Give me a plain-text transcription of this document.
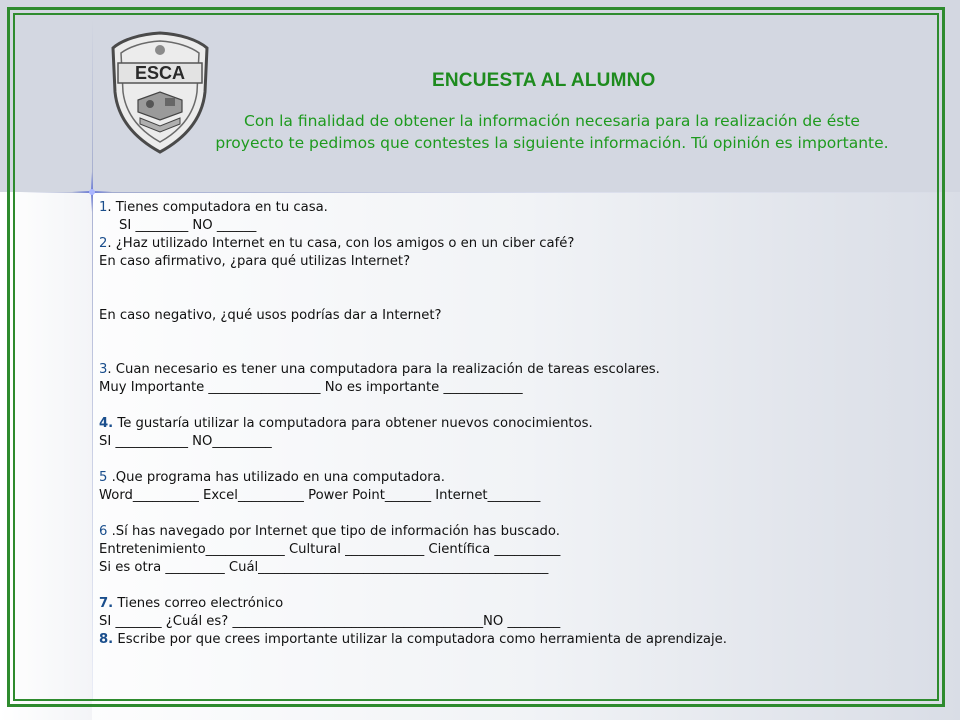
ESCA	ENCUESTA AL ALUMNO
Con la finalidad de obtener la información necesaria para la realización de éste
proyecto te pedimos que contestes la siguiente información. Tú opinión es importante.
1. Tienes computadora en tu casa.
SI ________ NO ______
2. ¿Haz utilizado Internet en tu casa, con los amigos o en un ciber café?
En caso afirmativo, ¿para qué utilizas Internet?
En caso negativo, ¿qué usos podrías dar a Internet?
3. Cuan necesario es tener una computadora para la realización de tareas escolares.
Muy Importante _________________ No es importante ____________
4. Te gustaría utilizar la computadora para obtener nuevos conocimientos.
SI ___________ NO_________
5 .Que programa has utilizado en una computadora.
Word__________ Excel__________ Power Point_______ Internet________
6 .Sí has navegado por Internet que tipo de información has buscado.
Entretenimiento____________ Cultural ____________ Científica __________
Si es otra _________ Cuál____________________________________________
7. Tienes correo electrónico
SI _______ ¿Cuál es? ______________________________________NO ________
8. Escribe por que crees importante utilizar la computadora como herramienta de aprendizaje.
